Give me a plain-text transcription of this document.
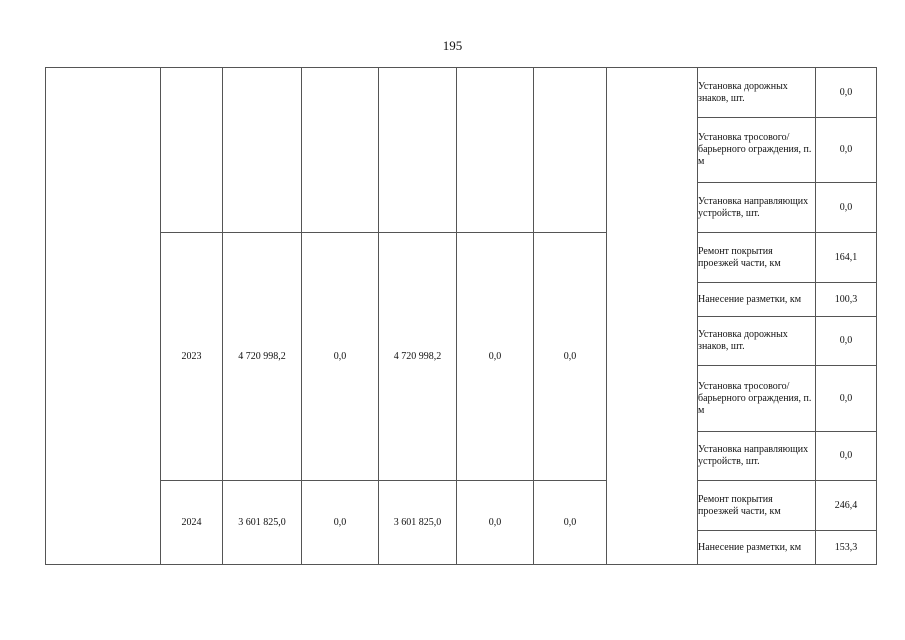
195
								Установка дорожных знаков, шт.	0,0
								Установка тросового/барьерного ограждения, п. м	0,0
								Установка направляющих устройств, шт.	0,0
	2023	4 720 998,2	0,0	4 720 998,2	0,0	0,0		Ремонт покрытия проезжей части, км	164,1
								Нанесение разметки, км	100,3
								Установка дорожных знаков, шт.	0,0
								Установка тросового/барьерного ограждения, п. м	0,0
								Установка направляющих устройств, шт.	0,0
	2024	3 601 825,0	0,0	3 601 825,0	0,0	0,0		Ремонт покрытия проезжей части, км	246,4
								Нанесение разметки, км	153,3
